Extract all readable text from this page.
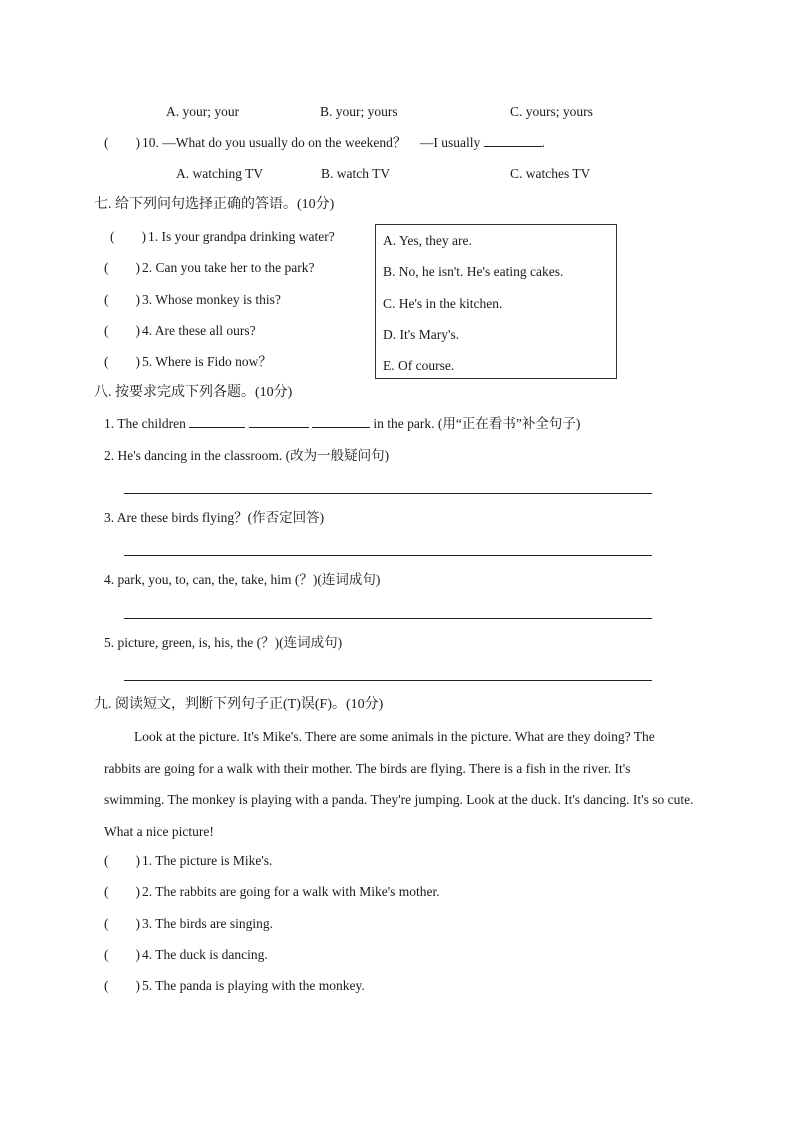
A. your; your	B. your; yours	C. yours; yours
(　　) 10. —What do you usually do on the weekend？　—I usually	.
A. watching TV	B. watch TV	C. watches TV
七. 给下列问句选择正确的答语。(10分)
(　　) 1. Is your grandpa drinking water?
(　　) 2. Can you take her to the park?
(　　) 3. Whose monkey is this?
(　　) 4. Are these all ours?
(　　) 5. Where is Fido now？
A. Yes, they are.
B. No, he isn't. He's eating cakes.
C. He's in the kitchen.
D. It's Mary's.
E. Of course.
八. 按要求完成下列各题。(10分)
1. The children	in the park. (用“正在看书”补全句子)
2. He's dancing in the classroom. (改为一般疑问句)
3. Are these birds flying？(作否定回答)
4. park, you, to, can, the, take, him (？)(连词成句)
5. picture, green, is, his, the (？)(连词成句)
九. 阅读短文，判断下列句子正(T)误(F)。(10分)

Look at the picture. It's Mike's. There are some animals in the picture. What are they doing? The rabbits are going for a walk with their mother. The birds are flying. There is a fish in the river. It's swimming. The monkey is playing with a panda. They're jumping. Look at the duck. It's dancing. It's so cute. What a nice picture!

(　　) 1. The picture is Mike's.
(　　) 2. The rabbits are going for a walk with Mike's mother.
(　　) 3. The birds are singing.
(　　) 4. The duck is dancing.
(　　) 5. The panda is playing with the monkey.
